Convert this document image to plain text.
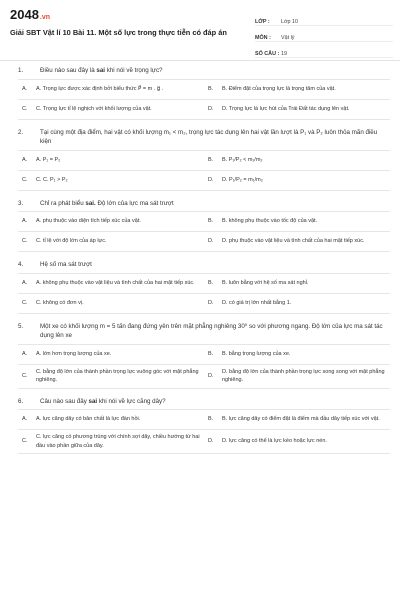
2048.vn
Giải SBT Vật lí 10 Bài 11. Một số lực trong thực tiễn có đáp án
LỚP :	Lớp 10
MÔN :	Vật lý
SỐ CÂU : 19
1.	Điều nào sau đây là sai khi nói về trọng lực?
A.	A. Trọng lực được xác định bởi biểu thức P⃗ = m . g⃗ .	B.	B. Điểm đặt của trọng lực là trọng tâm của vật.
C.	C. Trọng lực tỉ lệ nghịch với khối lượng của vật.	D.	D. Trọng lực là lực hút của Trái Đất tác dụng lên vật.
2.	Tại cùng một địa điểm, hai vật có khối lượng m₁ < m₂, trọng lực tác dụng lên hai vật lần lượt là P₁ và P₂ luôn thỏa mãn điều kiện
A.	A. P₁ = P₂	B.	B. P₁/P₂ < m₁/m₂
C.	C. C. P₁ > P₂	D.	D. P₁/P₂ = m₁/m₂
3.	Chỉ ra phát biểu sai. Độ lớn của lực ma sát trượt
A.	A. phụ thuộc vào diện tích tiếp xúc của vật.	B.	B. không phụ thuộc vào tốc độ của vật.
C.	C. tỉ lệ với độ lớn của áp lực.	D.	D. phụ thuộc vào vật liệu và tình chất của hai mặt tiếp xúc.
4.	Hệ số ma sát trượt
A.	A. không phụ thuộc vào vật liệu và tình chất của hai mặt tiếp xúc.	B.	B. luôn bằng với hệ số ma sát nghỉ.
C.	C. không có đơn vị.	D.	D. có giá trị lớn nhất bằng 1.
5.	Một xe có khối lượng m = 5 tấn đang đứng yên trên mặt phẳng nghiêng 30⁰ so với phương ngang. Độ lớn của lực ma sát tác dụng lên xe
A.	A. lớn hơn trọng lượng của xe.	B.	B. bằng trọng lượng của xe.
C.
C. bằng độ lớn của thành phần trọng lực vuông góc với mặt phẳng nghiêng.
D.
D. bằng độ lớn của thành phần trọng lực song song với mặt phẳng nghiêng.
6.	Câu nào sau đây sai khi nói về lực căng dây?
A.	A. lực căng dây có bản chất là lực đàn hồi.	B.	B. lực căng dây có điểm đặt là điểm mà đầu dây tiếp xúc với vật.
C.
C. lực căng có phương trùng với chính sợi dây, chiều hướng từ hai đầu vào phần giữa của dây.
D.	D. lực căng có thể là lực kéo hoặc lực nén.
